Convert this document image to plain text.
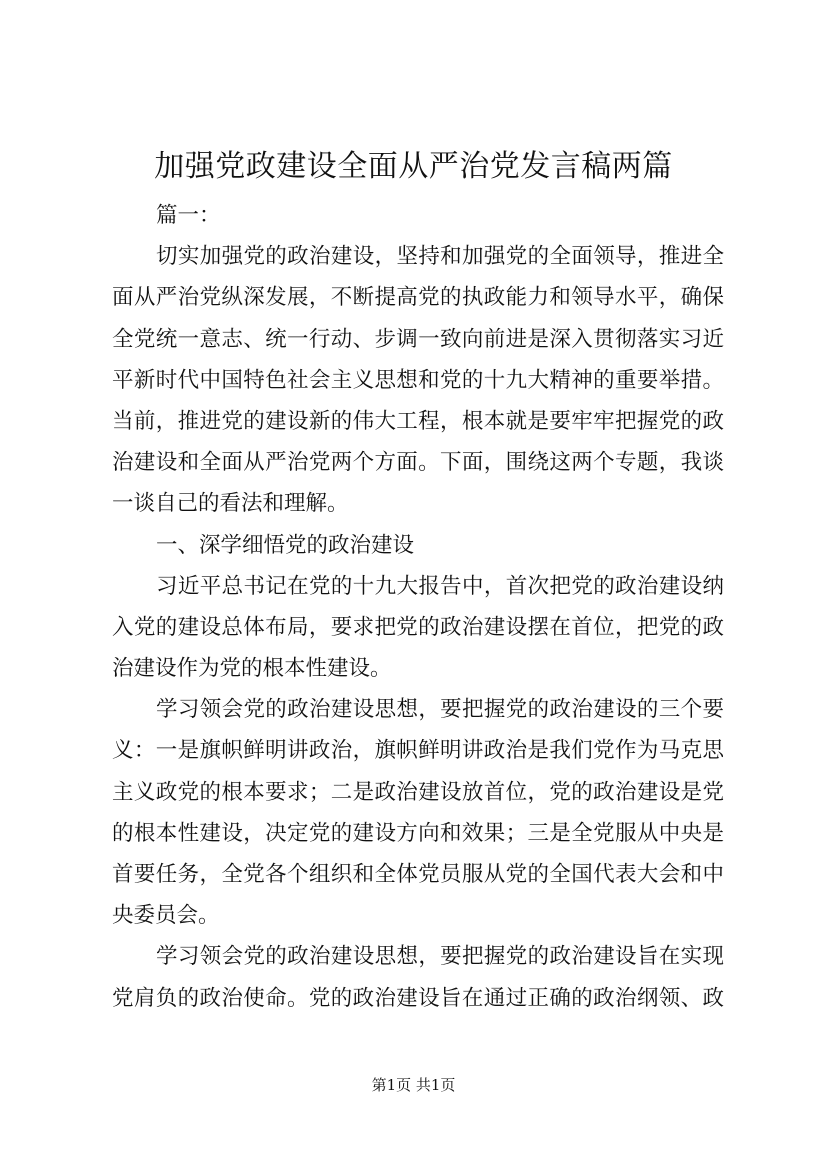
加强党政建设全面从严治党发言稿两篇
篇一：
切实加强党的政治建设，坚持和加强党的全面领导，推进全
面从严治党纵深发展，不断提高党的执政能力和领导水平，确保
全党统一意志、统一行动、步调一致向前进是深入贯彻落实习近
平新时代中国特色社会主义思想和党的十九大精神的重要举措。
当前，推进党的建设新的伟大工程，根本就是要牢牢把握党的政
治建设和全面从严治党两个方面。下面，围绕这两个专题，我谈
一谈自己的看法和理解。
一、深学细悟党的政治建设
习近平总书记在党的十九大报告中，首次把党的政治建设纳
入党的建设总体布局，要求把党的政治建设摆在首位，把党的政
治建设作为党的根本性建设。
学习领会党的政治建设思想，要把握党的政治建设的三个要
义：一是旗帜鲜明讲政治，旗帜鲜明讲政治是我们党作为马克思
主义政党的根本要求；二是政治建设放首位，党的政治建设是党
的根本性建设，决定党的建设方向和效果；三是全党服从中央是
首要任务，全党各个组织和全体党员服从党的全国代表大会和中
央委员会。
学习领会党的政治建设思想，要把握党的政治建设旨在实现
党肩负的政治使命。党的政治建设旨在通过正确的政治纲领、政
第1页 共1页
